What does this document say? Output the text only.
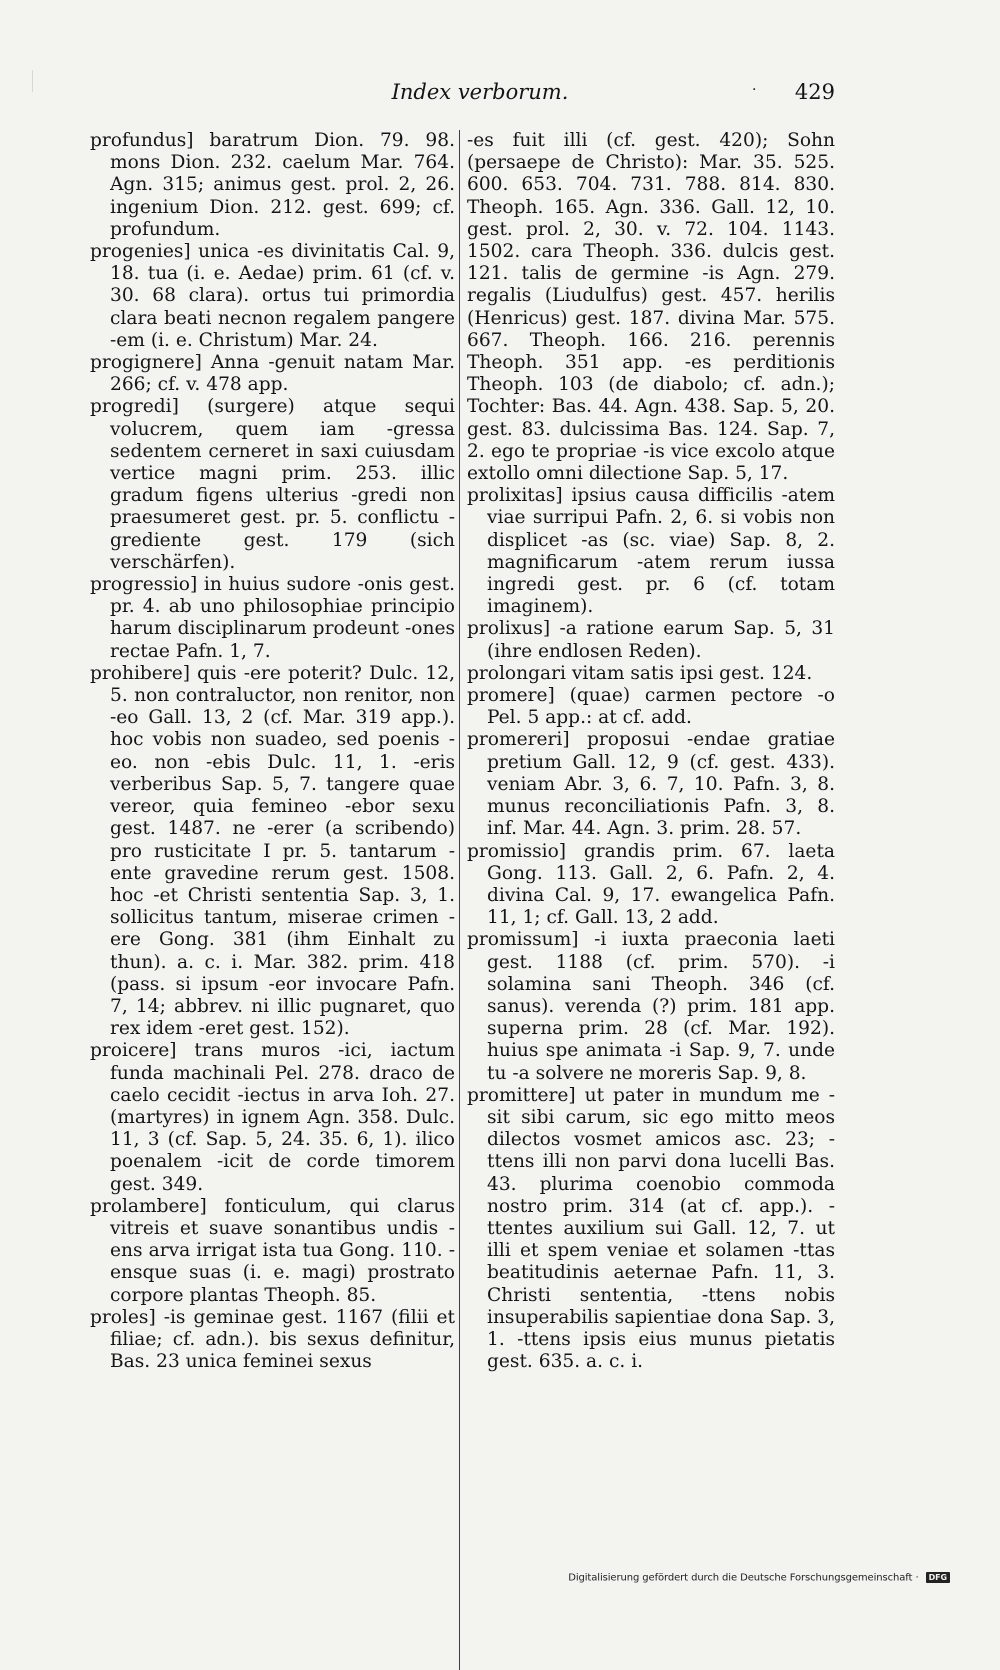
Index verborum.	·	429

profundus] baratrum Dion. 79. 98. mons Dion. 232. caelum Mar. 764. Agn. 315; animus gest. prol. 2, 26. ingenium Dion. 212. gest. 699; cf. profundum.

progenies] unica -es divinitatis Cal. 9, 18. tua (i. e. Aedae) prim. 61 (cf. v. 30. 68 clara). ortus tui primordia clara beati necnon regalem pangere -em (i. e. Christum) Mar. 24.

progignere] Anna -genuit natam Mar. 266; cf. v. 478 app.

progredi] (surgere) atque sequi volucrem, quem iam -gressa sedentem cerneret in saxi cuiusdam vertice magni prim. 253. illic gradum figens ulterius -gredi non praesumeret gest. pr. 5. conflictu -grediente gest. 179 (sich verschärfen).

progressio] in huius sudore -onis gest. pr. 4. ab uno philosophiae principio harum disciplinarum prodeunt -ones rectae Pafn. 1, 7.

prohibere] quis -ere poterit? Dulc. 12, 5. non contraluctor, non renitor, non -eo Gall. 13, 2 (cf. Mar. 319 app.). hoc vobis non suadeo, sed poenis -eo. non -ebis Dulc. 11, 1. -eris verberibus Sap. 5, 7. tangere quae vereor, quia femineo -ebor sexu gest. 1487. ne -erer (a scribendo) pro rusticitate I pr. 5. tantarum -ente gravedine rerum gest. 1508. hoc -et Christi sententia Sap. 3, 1. sollicitus tantum, miserae crimen -ere Gong. 381 (ihm Einhalt zu thun). a. c. i. Mar. 382. prim. 418 (pass. si ipsum -eor invocare Pafn. 7, 14; abbrev. ni illic pugnaret, quo rex idem -eret gest. 152).

proicere] trans muros -ici, iactum funda machinali Pel. 278. draco de caelo cecidit -iectus in arva Ioh. 27. (martyres) in ignem Agn. 358. Dulc. 11, 3 (cf. Sap. 5, 24. 35. 6, 1). ilico poenalem -icit de corde timorem gest. 349.

prolambere] fonticulum, qui clarus vitreis et suave sonantibus undis -ens arva irrigat ista tua Gong. 110. -ensque suas (i. e. magi) prostrato corpore plantas Theoph. 85.

proles] -is geminae gest. 1167 (filii et filiae; cf. adn.). bis sexus definitur, Bas. 23 unica feminei sexus

-es fuit illi (cf. gest. 420); Sohn (persaepe de Christo): Mar. 35. 525. 600. 653. 704. 731. 788. 814. 830. Theoph. 165. Agn. 336. Gall. 12, 10. gest. prol. 2, 30. v. 72. 104. 1143. 1502. cara Theoph. 336. dulcis gest. 121. talis de germine -is Agn. 279. regalis (Liudulfus) gest. 457. herilis (Henricus) gest. 187. divina Mar. 575. 667. Theoph. 166. 216. perennis Theoph. 351 app. -es perditionis Theoph. 103 (de diabolo; cf. adn.); Tochter: Bas. 44. Agn. 438. Sap. 5, 20. gest. 83. dulcissima Bas. 124. Sap. 7, 2. ego te propriae -is vice excolo atque extollo omni dilectione Sap. 5, 17.

prolixitas] ipsius causa difficilis -atem viae surripui Pafn. 2, 6. si vobis non displicet -as (sc. viae) Sap. 8, 2. magnificarum -atem rerum iussa ingredi gest. pr. 6 (cf. totam imaginem).

prolixus] -a ratione earum Sap. 5, 31 (ihre endlosen Reden).

prolongari vitam satis ipsi gest. 124.

promere] (quae) carmen pectore -o Pel. 5 app.: at cf. add.

promereri] proposui -endae gratiae pretium Gall. 12, 9 (cf. gest. 433). veniam Abr. 3, 6. 7, 10. Pafn. 3, 8. munus reconciliationis Pafn. 3, 8. inf. Mar. 44. Agn. 3. prim. 28. 57.

promissio] grandis prim. 67. laeta Gong. 113. Gall. 2, 6. Pafn. 2, 4. divina Cal. 9, 17. ewangelica Pafn. 11, 1; cf. Gall. 13, 2 add.

promissum] -i iuxta praeconia laeti gest. 1188 (cf. prim. 570). -i solamina sani Theoph. 346 (cf. sanus). verenda (?) prim. 181 app. superna prim. 28 (cf. Mar. 192). huius spe animata -i Sap. 9, 7. unde tu -a solvere ne moreris Sap. 9, 8.

promittere] ut pater in mundum me -sit sibi carum, sic ego mitto meos dilectos vosmet amicos asc. 23; -ttens illi non parvi dona lucelli Bas. 43. plurima coenobio commoda nostro prim. 314 (at cf. app.). -ttentes auxilium sui Gall. 12, 7. ut illi et spem veniae et solamen -ttas beatitudinis aeternae Pafn. 11, 3. Christi sententia, -ttens nobis insuperabilis sapientiae dona Sap. 3, 1. -ttens ipsis eius munus pietatis gest. 635. a. c. i.

Digitalisierung gefördert durch die Deutsche Forschungsgemeinschaft · DFG
